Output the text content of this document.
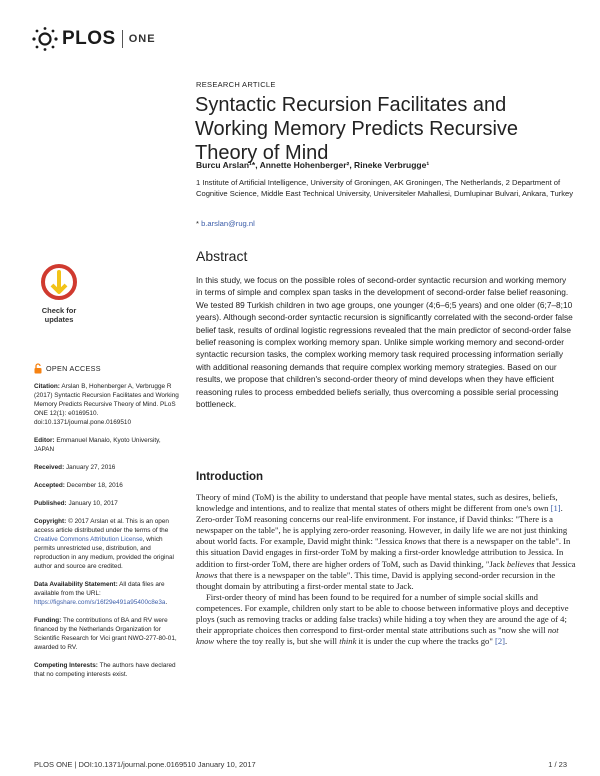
PLOS ONE
RESEARCH ARTICLE
Syntactic Recursion Facilitates and Working Memory Predicts Recursive Theory of Mind
Burcu Arslan¹*, Annette Hohenberger², Rineke Verbrugge¹
1 Institute of Artificial Intelligence, University of Groningen, AK Groningen, The Netherlands, 2 Department of Cognitive Science, Middle East Technical University, Universiteler Mahallesi, Dumlupinar Bulvari, Ankara, Turkey
* b.arslan@rug.nl
Check for
updates
Abstract
In this study, we focus on the possible roles of second-order syntactic recursion and working memory in terms of simple and complex span tasks in the development of second-order false belief reasoning. We tested 89 Turkish children in two age groups, one younger (4;6–6;5 years) and one older (6;7–8;10 years). Although second-order syntactic recursion is significantly correlated with the second-order false belief task, results of ordinal logistic regressions revealed that the main predictor of second-order false belief reasoning is complex working memory span. Unlike simple working memory and second-order syntactic recursion tasks, the complex working memory task required processing information serially with additional reasoning demands that require complex working memory strategies. Based on our results, we propose that children's second-order theory of mind develops when they have efficient reasoning rules to process embedded beliefs serially, thus overcoming a possible serial processing bottleneck.
OPEN ACCESS

Citation: Arslan B, Hohenberger A, Verbrugge R (2017) Syntactic Recursion Facilitates and Working Memory Predicts Recursive Theory of Mind. PLoS ONE 12(1): e0169510. doi:10.1371/journal.pone.0169510

Editor: Emmanuel Manalo, Kyoto University, JAPAN

Received: January 27, 2016

Accepted: December 18, 2016

Published: January 10, 2017

Copyright: © 2017 Arslan et al. This is an open access article distributed under the terms of the Creative Commons Attribution License, which permits unrestricted use, distribution, and reproduction in any medium, provided the original author and source are credited.

Data Availability Statement: All data files are available from the URL: https://figshare.com/s/16f29e491a95400c8e3a.

Funding: The contributions of BA and RV were financed by the Netherlands Organization for Scientific Research for Vici grant NWO-277-80-01, awarded to RV.

Competing Interests: The authors have declared that no competing interests exist.

Introduction

Theory of mind (ToM) is the ability to understand that people have mental states, such as desires, beliefs, knowledge and intentions, and to realize that mental states of others might be different from one's own [1]. Zero-order ToM reasoning concerns our real-life environment. For instance, if David thinks: "There is a newspaper on the table", he is applying zero-order reasoning. However, in daily life we are not just thinking about world facts. For example, David might think: "Jessica knows that there is a newspaper on the table". In this situation David engages in first-order ToM by making a first-order knowledge attribution to Jessica. In addition to first-order ToM, there are higher orders of ToM, such as David thinking, "Jack believes that Jessica knows that there is a newspaper on the table". This time, David is applying second-order recursion in the thought domain by attributing a first-order mental state to Jack.

First-order theory of mind has been found to be required for a number of simple social skills and competences. For example, children only start to be able to choose between informative ploys and deceptive ploys (such as removing tracks or adding false tracks) while hiding a toy when they are around the age of 4; their appropriate choices then correspond to first-order mental state attributions such as "now she will not know where the toy really is, but she will think it is under the cup where the tracks go" [2].

PLOS ONE | DOI:10.1371/journal.pone.0169510 January 10, 2017	1 / 23
